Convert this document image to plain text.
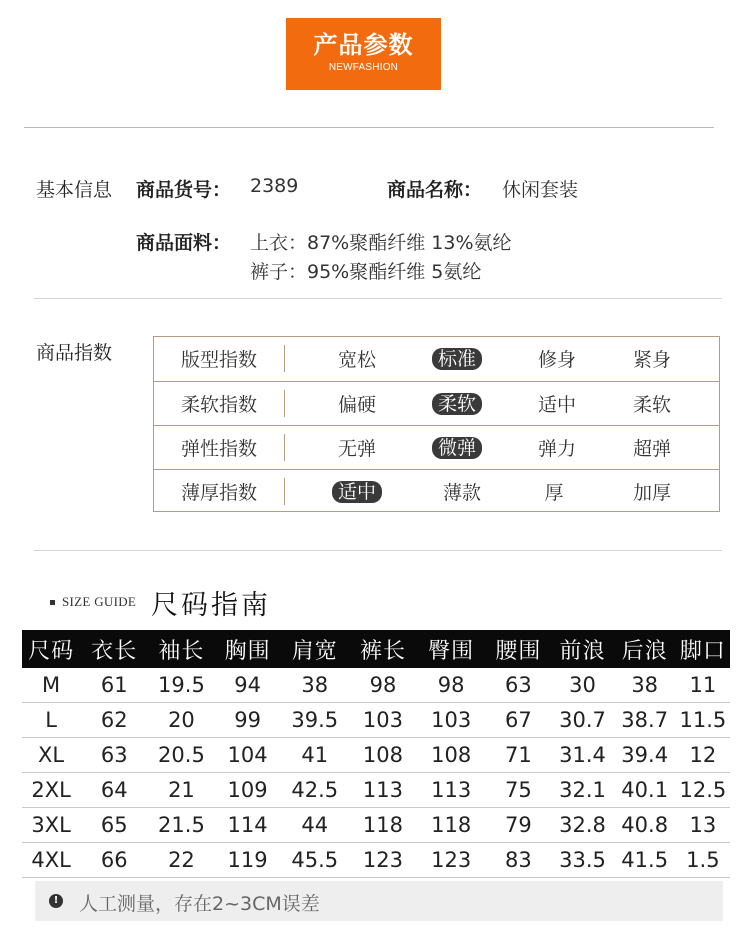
产品参数
NEWFASHION
基本信息 商品货号： 2389	商品名称： 休闲套装
商品面料： 上衣：87%聚酯纤维 13%氨纶
裤子：95%聚酯纤维 5氨纶
商品指数	版型指数	宽松	标准	修身	紧身
柔软指数	偏硬	柔软	适中	柔软
弹性指数	无弹	微弹	弹力	超弹
薄厚指数	适中	薄款	厚	加厚
SIZE GUIDE 尺码指南
尺码	衣长	袖长	胸围	肩宽	裤长	臀围	腰围	前浪	后浪	脚口
M	61	19.5	94	38	98	98	63	30	38	11
L	62	20	99	39.5	103	103	67	30.7	38.7	11.5
XL	63	20.5	104	41	108	108	71	31.4	39.4	12
2XL	64	21	109	42.5	113	113	75	32.1	40.1	12.5
3XL	65	21.5	114	44	118	118	79	32.8	40.8	13
4XL	66	22	119	45.5	123	123	83	33.5	41.5	1.5
! 人工测量，存在2~3CM误差
